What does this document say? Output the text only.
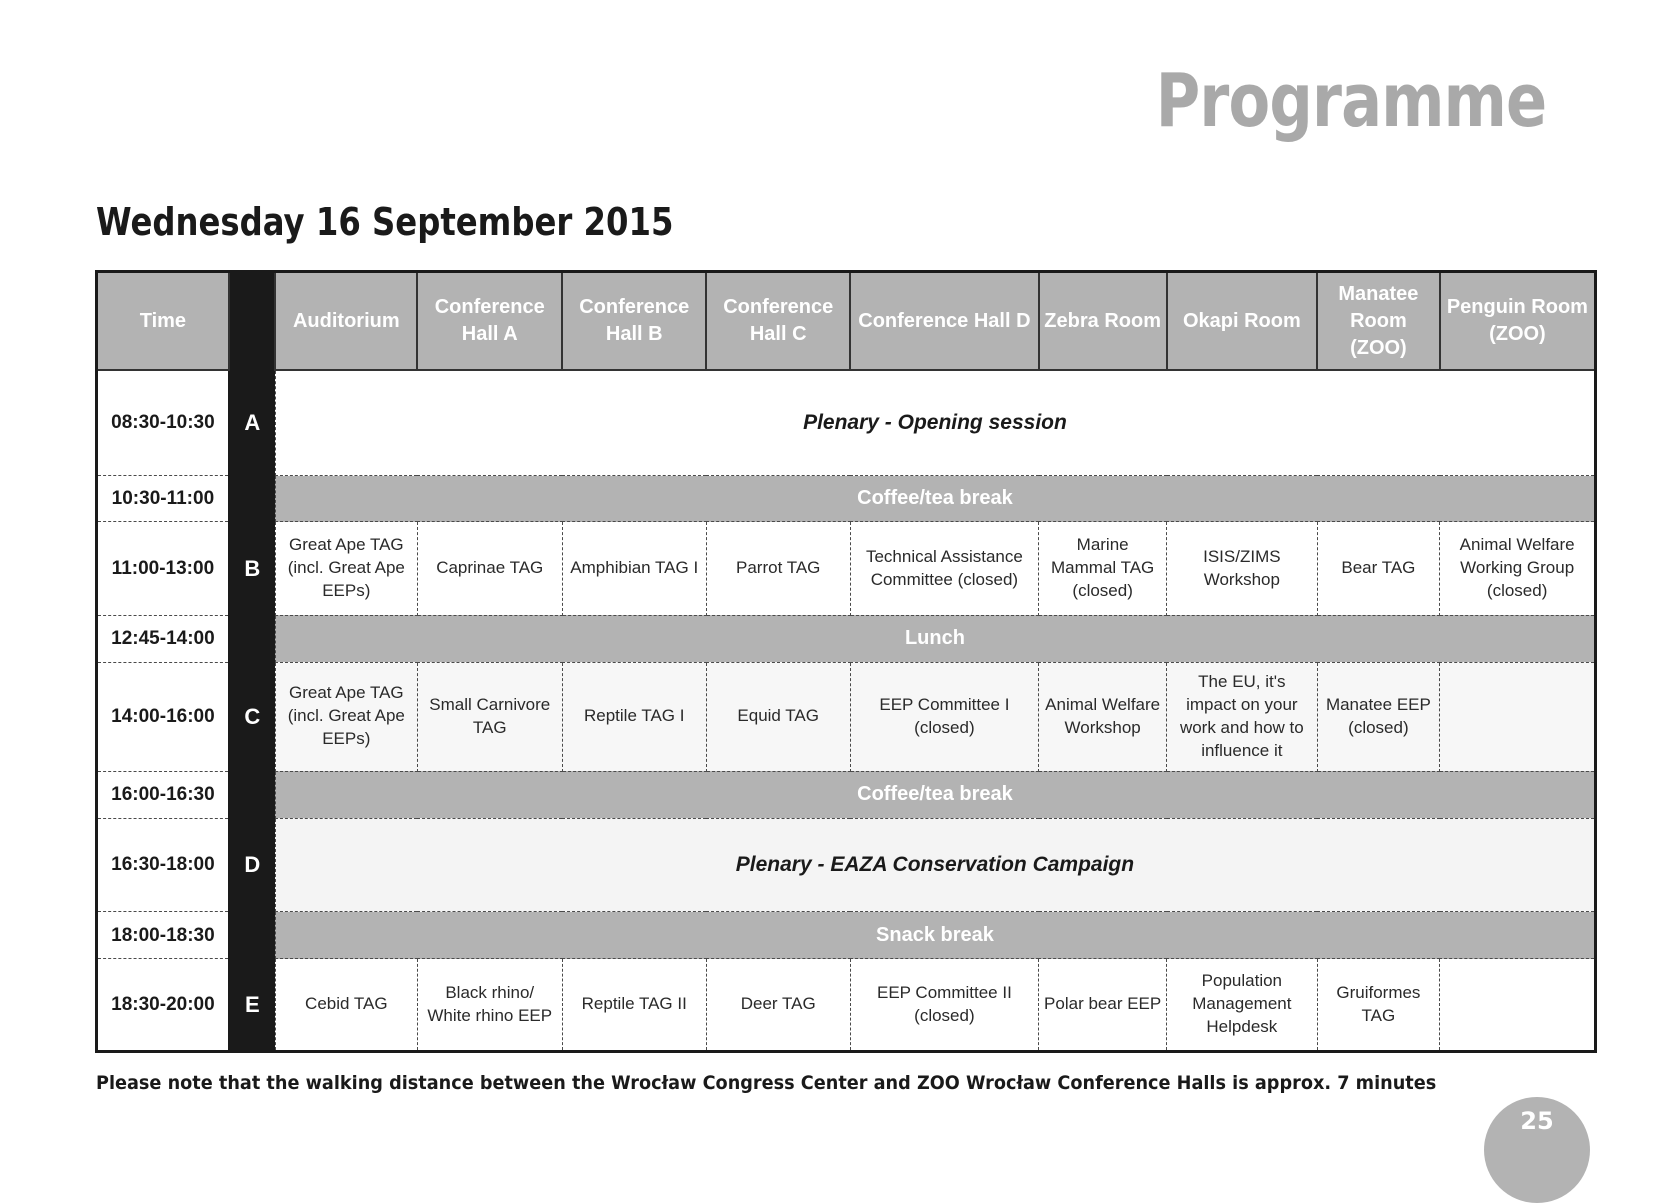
Programme
Wednesday 16 September 2015
Time		Auditorium	Conference Hall A	Conference Hall B	Conference Hall C	Conference Hall D	Zebra Room	Okapi Room	Manatee Room (ZOO)	Penguin Room (ZOO)
08:30-10:30	A	Plenary - Opening session								
10:30-11:00		Coffee/tea break								
11:00-13:00	B	Great Ape TAG (incl. Great Ape EEPs)	Caprinae TAG	Amphibian TAG I	Parrot TAG	Technical Assistance Committee (closed)	Marine Mammal TAG (closed)	ISIS/ZIMS Workshop	Bear TAG	Animal Welfare Working Group (closed)
12:45-14:00		Lunch								
14:00-16:00	C	Great Ape TAG (incl. Great Ape EEPs)	Small Carnivore TAG	Reptile TAG I	Equid TAG	EEP Committee I (closed)	Animal Welfare Workshop	The EU, it's impact on your work and how to influence it	Manatee EEP (closed)	
16:00-16:30		Coffee/tea break								
16:30-18:00	D	Plenary - EAZA Conservation Campaign								
18:00-18:30		Snack break								
18:30-20:00	E	Cebid TAG	Black rhino/ White rhino EEP	Reptile TAG II	Deer TAG	EEP Committee II (closed)	Polar bear EEP	Population Management Helpdesk	Gruiformes TAG	
Please note that the walking distance between the Wrocław Congress Center and ZOO Wrocław Conference Halls is approx. 7 minutes
25
